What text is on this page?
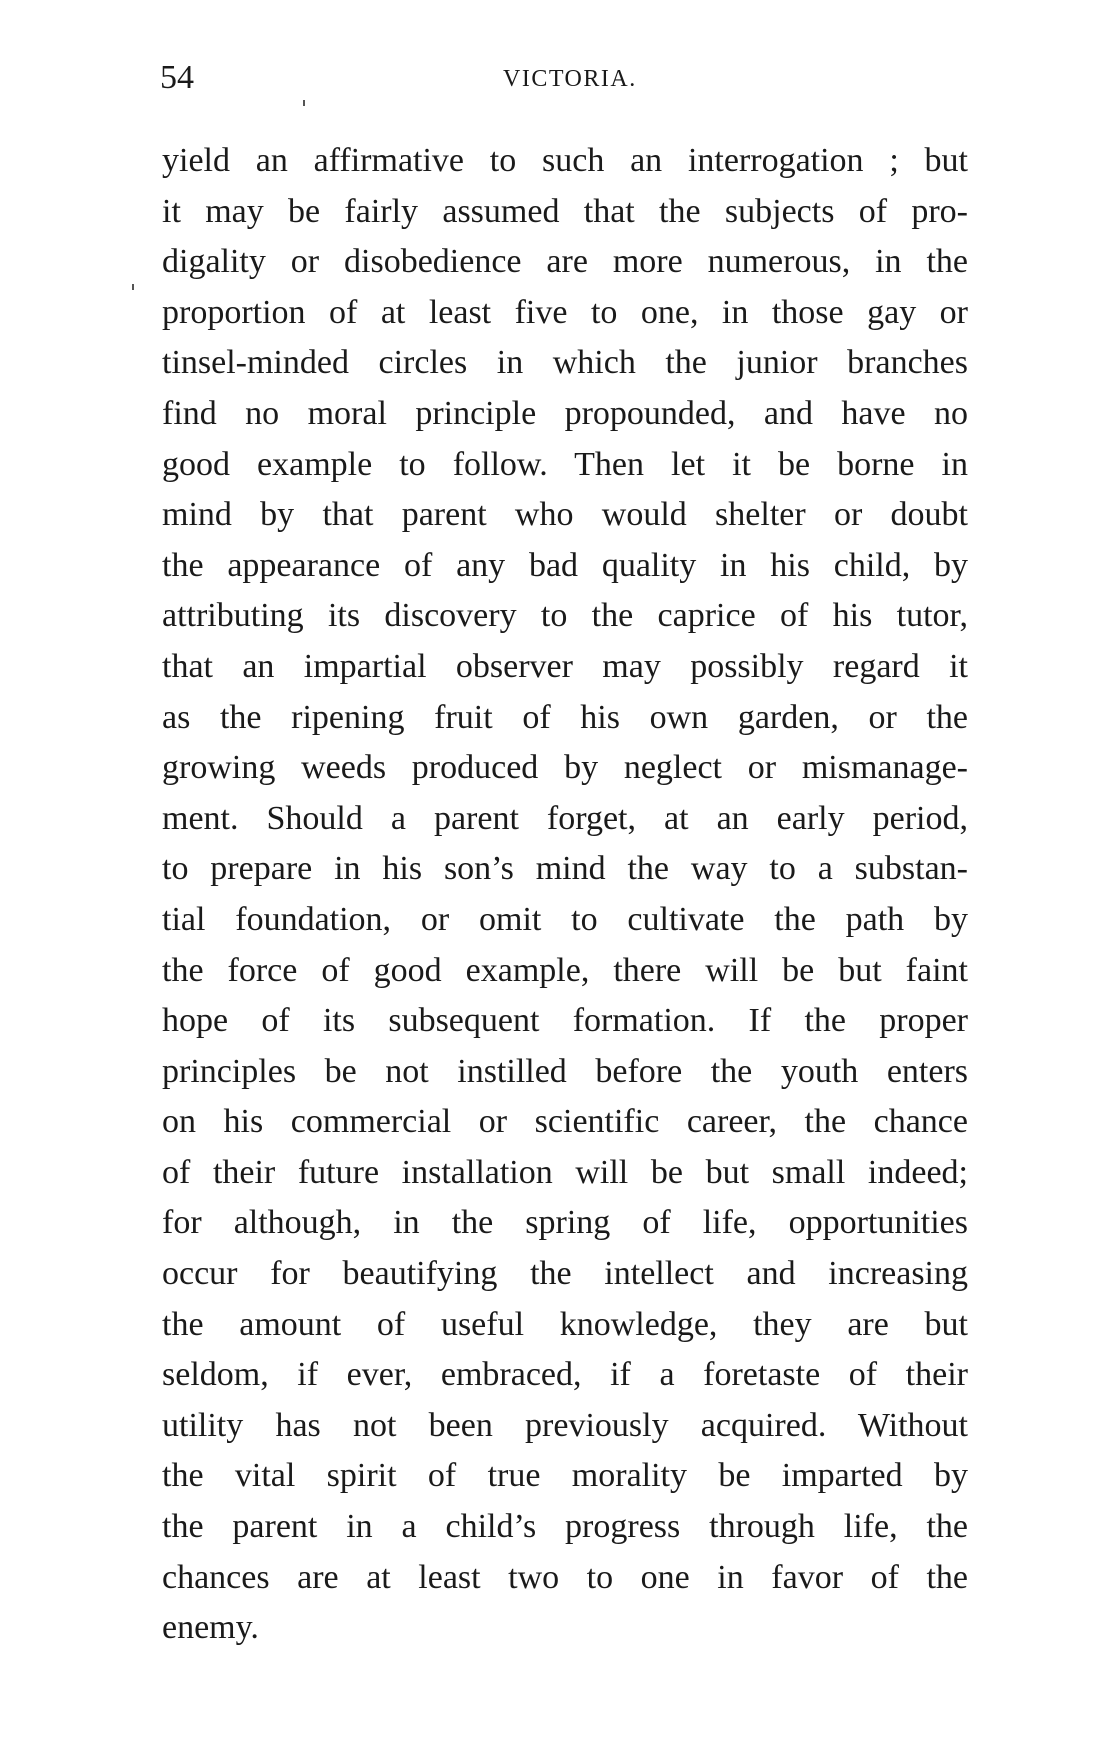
54	VICTORIA.
yield an affirmative to such an interrogation ; but
it may be fairly assumed that the subjects of pro-
digality or disobedience are more numerous, in the
proportion of at least five to one, in those gay or
tinsel-minded circles in which the junior branches
find no moral principle propounded, and have no
good example to follow. Then let it be borne in
mind by that parent who would shelter or doubt
the appearance of any bad quality in his child, by
attributing its discovery to the caprice of his tutor,
that an impartial observer may possibly regard it
as the ripening fruit of his own garden, or the
growing weeds produced by neglect or mismanage-
ment. Should a parent forget, at an early period,
to prepare in his son’s mind the way to a substan-
tial foundation, or omit to cultivate the path by
the force of good example, there will be but faint
hope of its subsequent formation. If the proper
principles be not instilled before the youth enters
on his commercial or scientific career, the chance
of their future installation will be but small indeed;
for although, in the spring of life, opportunities
occur for beautifying the intellect and increasing
the amount of useful knowledge, they are but
seldom, if ever, embraced, if a foretaste of their
utility has not been previously acquired. Without
the vital spirit of true morality be imparted by
the parent in a child’s progress through life, the
chances are at least two to one in favor of the
enemy.
